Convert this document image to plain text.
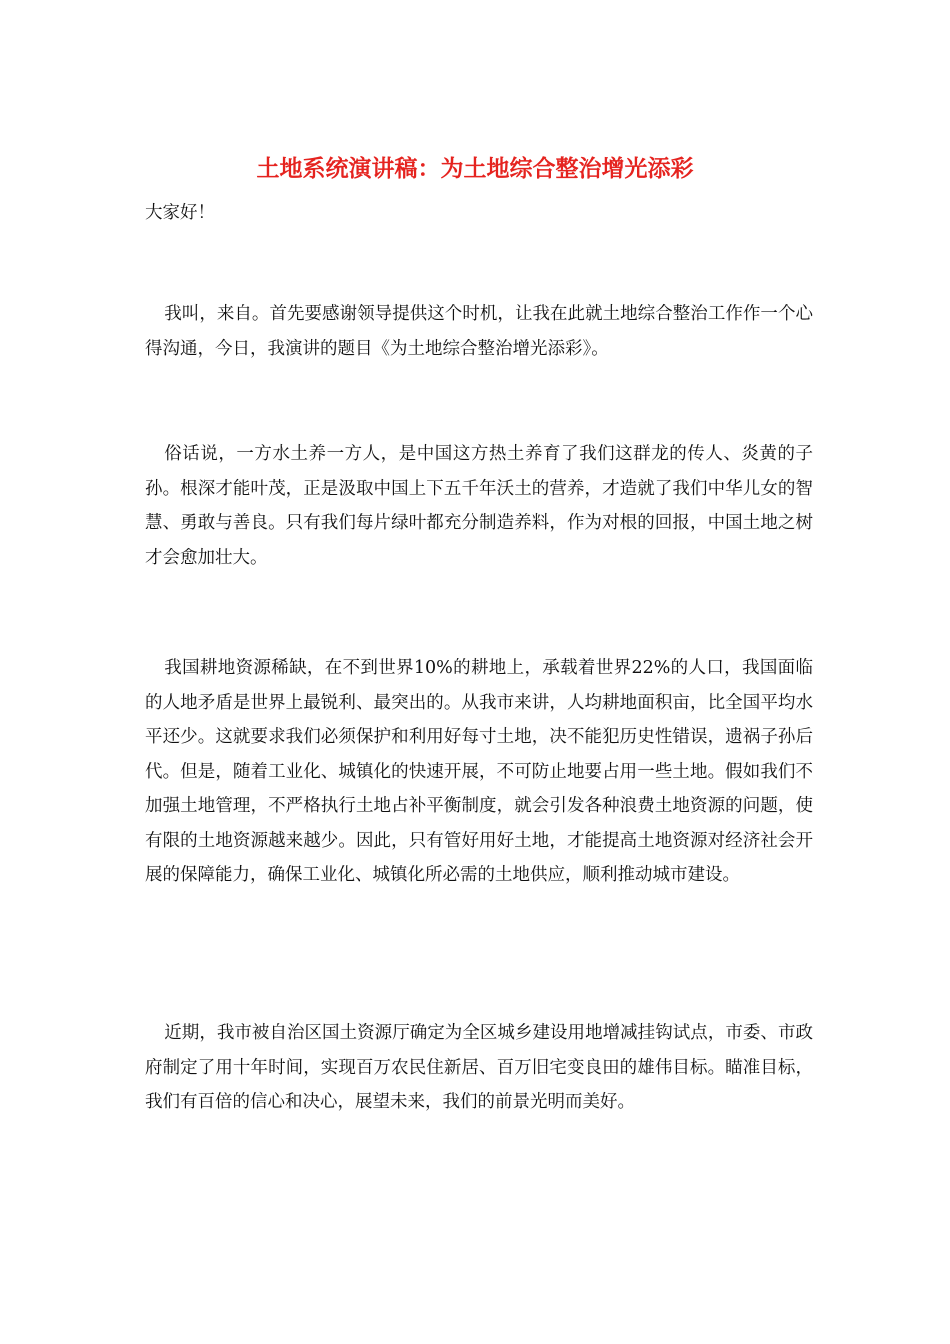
土地系统演讲稿：为土地综合整治增光添彩

大家好！

我叫，来自。首先要感谢领导提供这个时机，让我在此就土地综合整治工作作一个心得沟通，今日，我演讲的题目《为土地综合整治增光添彩》。

俗话说，一方水土养一方人，是中国这方热土养育了我们这群龙的传人、炎黄的子孙。根深才能叶茂，正是汲取中国上下五千年沃土的营养，才造就了我们中华儿女的智慧、勇敢与善良。只有我们每片绿叶都充分制造养料，作为对根的回报，中国土地之树才会愈加壮大。

我国耕地资源稀缺，在不到世界10%的耕地上，承载着世界22%的人口，我国面临的人地矛盾是世界上最锐利、最突出的。从我市来讲，人均耕地面积亩，比全国平均水平还少。这就要求我们必须保护和利用好每寸土地，决不能犯历史性错误，遗祸子孙后代。但是，随着工业化、城镇化的快速开展，不可防止地要占用一些土地。假如我们不加强土地管理，不严格执行土地占补平衡制度，就会引发各种浪费土地资源的问题，使有限的土地资源越来越少。因此，只有管好用好土地，才能提高土地资源对经济社会开展的保障能力，确保工业化、城镇化所必需的土地供应，顺利推动城市建设。

近期，我市被自治区国土资源厅确定为全区城乡建设用地增减挂钩试点，市委、市政府制定了用十年时间，实现百万农民住新居、百万旧宅变良田的雄伟目标。瞄准目标，我们有百倍的信心和决心，展望未来，我们的前景光明而美好。
